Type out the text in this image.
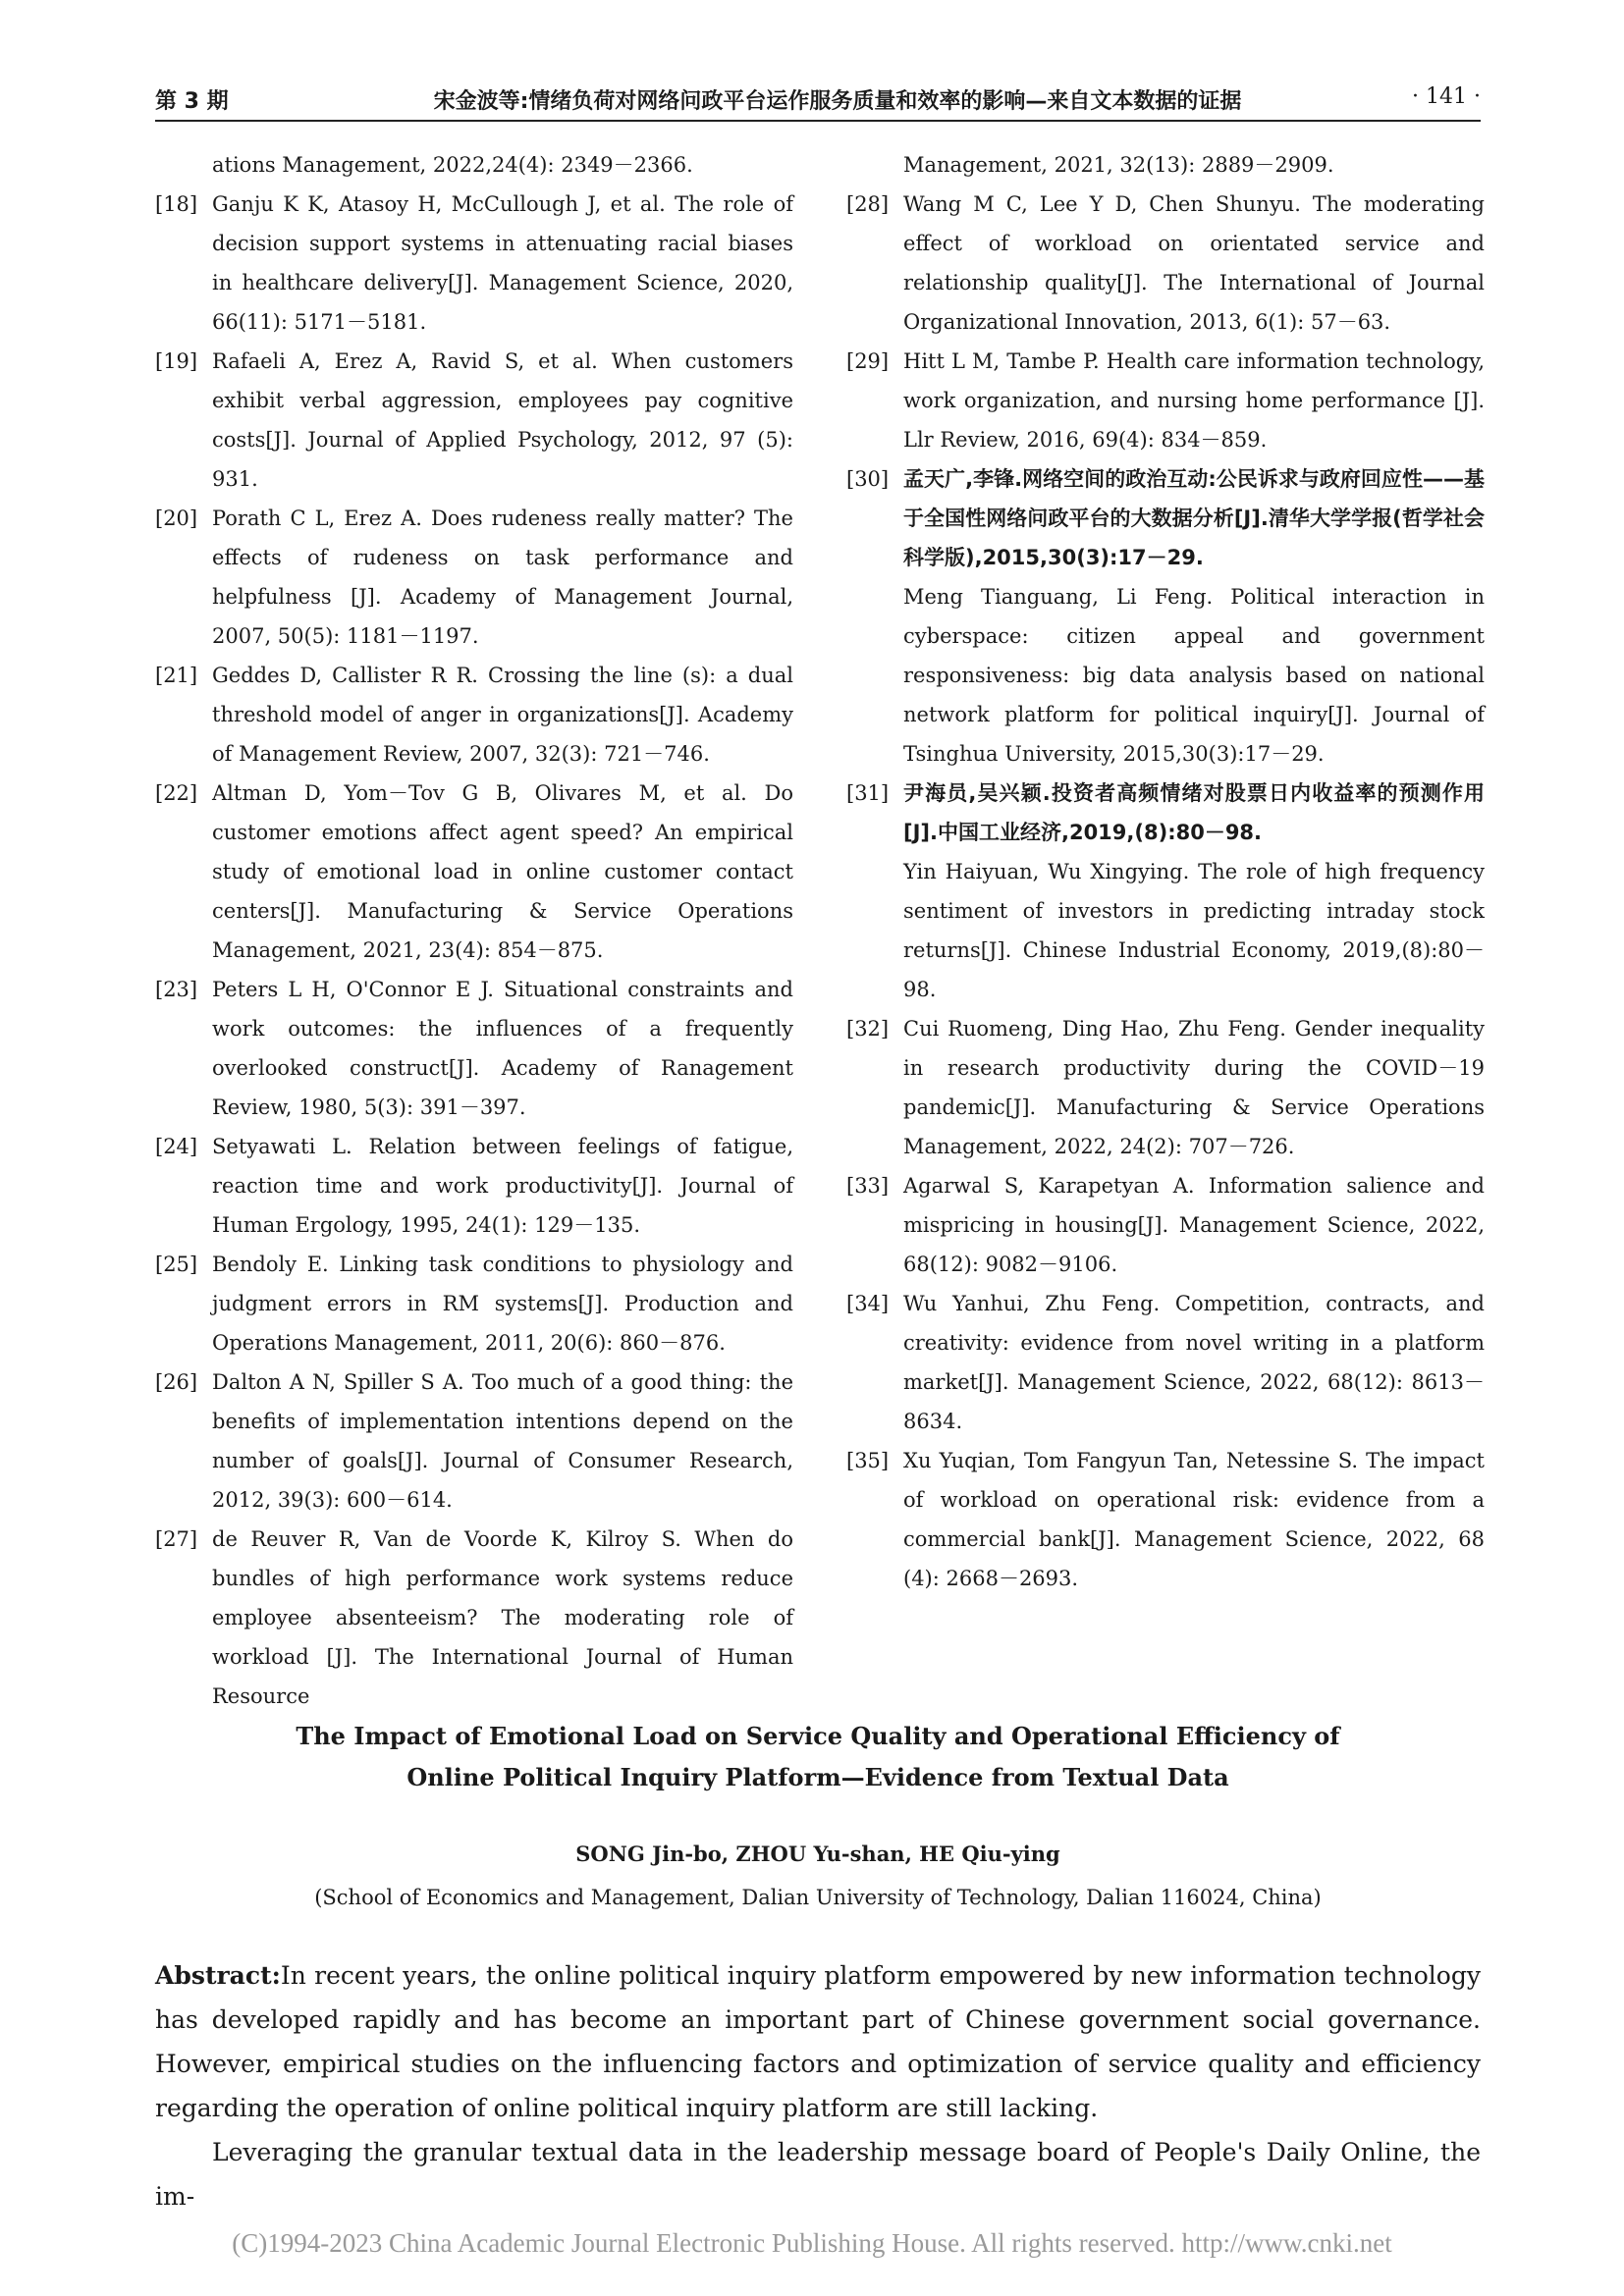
第 3 期	宋金波等:情绪负荷对网络问政平台运作服务质量和效率的影响—来自文本数据的证据	· 141 ·
ations Management, 2022,24(4): 2349－2366.
[18] Ganju K K, Atasoy H, McCullough J, et al. The role of decision support systems in attenuating racial biases in healthcare delivery[J]. Management Science, 2020, 66(11): 5171－5181.

[19] Rafaeli A, Erez A, Ravid S, et al. When customers exhibit verbal aggression, employees pay cognitive costs[J]. Journal of Applied Psychology, 2012, 97 (5): 931.

[20] Porath C L, Erez A. Does rudeness really matter? The effects of rudeness on task performance and helpfulness [J]. Academy of Management Journal, 2007, 50(5): 1181－1197.

[21] Geddes D, Callister R R. Crossing the line (s): a dual threshold model of anger in organizations[J]. Academy of Management Review, 2007, 32(3): 721－746.

[22] Altman D, Yom－Tov G B, Olivares M, et al. Do customer emotions affect agent speed? An empirical study of emotional load in online customer contact centers[J]. Manufacturing & Service Operations Management, 2021, 23(4): 854－875.

[23] Peters L H, O'Connor E J. Situational constraints and work outcomes: the influences of a frequently overlooked construct[J]. Academy of Ranagement Review, 1980, 5(3): 391－397.

[24] Setyawati L. Relation between feelings of fatigue, reaction time and work productivity[J]. Journal of Human Ergology, 1995, 24(1): 129－135.

[25] Bendoly E. Linking task conditions to physiology and judgment errors in RM systems[J]. Production and Operations Management, 2011, 20(6): 860－876.

[26] Dalton A N, Spiller S A. Too much of a good thing: the benefits of implementation intentions depend on the number of goals[J]. Journal of Consumer Research, 2012, 39(3): 600－614.

[27] de Reuver R, Van de Voorde K, Kilroy S. When do bundles of high performance work systems reduce employee absenteeism? The moderating role of workload [J]. The International Journal of Human Resource

Management, 2021, 32(13): 2889－2909.
[28] Wang M C, Lee Y D, Chen Shunyu. The moderating effect of workload on orientated service and relationship quality[J]. The International of Journal Organizational Innovation, 2013, 6(1): 57－63.

[29] Hitt L M, Tambe P. Health care information technology, work organization, and nursing home performance [J]. Llr Review, 2016, 69(4): 834－859.

[30] 孟天广,李锋.网络空间的政治互动:公民诉求与政府回应性——基于全国性网络问政平台的大数据分析[J].清华大学学报(哲学社会科学版),2015,30(3):17－29.

Meng Tianguang, Li Feng. Political interaction in cyberspace: citizen appeal and government responsiveness: big data analysis based on national network platform for political inquiry[J]. Journal of Tsinghua University, 2015,30(3):17－29.

[31] 尹海员,吴兴颖.投资者高频情绪对股票日内收益率的预测作用[J].中国工业经济,2019,(8):80－98.

Yin Haiyuan, Wu Xingying. The role of high frequency sentiment of investors in predicting intraday stock returns[J]. Chinese Industrial Economy, 2019,(8):80－98.

[32] Cui Ruomeng, Ding Hao, Zhu Feng. Gender inequality in research productivity during the COVID－19 pandemic[J]. Manufacturing & Service Operations Management, 2022, 24(2): 707－726.

[33] Agarwal S, Karapetyan A. Information salience and mispricing in housing[J]. Management Science, 2022, 68(12): 9082－9106.

[34] Wu Yanhui, Zhu Feng. Competition, contracts, and creativity: evidence from novel writing in a platform market[J]. Management Science, 2022, 68(12): 8613－8634.

[35] Xu Yuqian, Tom Fangyun Tan, Netessine S. The impact of workload on operational risk: evidence from a commercial bank[J]. Management Science, 2022, 68 (4): 2668－2693.

The Impact of Emotional Load on Service Quality and Operational Efficiency of
Online Political Inquiry Platform—Evidence from Textual Data
SONG Jin-bo, ZHOU Yu-shan, HE Qiu-ying
(School of Economics and Management, Dalian University of Technology, Dalian 116024, China)

Abstract:In recent years, the online political inquiry platform empowered by new information technology has developed rapidly and has become an important part of Chinese government social governance. However, empirical studies on the influencing factors and optimization of service quality and efficiency regarding the operation of online political inquiry platform are still lacking.

Leveraging the granular textual data in the leadership message board of People's Daily Online, the im-

(C)1994-2023 China Academic Journal Electronic Publishing House. All rights reserved. http://www.cnki.net
